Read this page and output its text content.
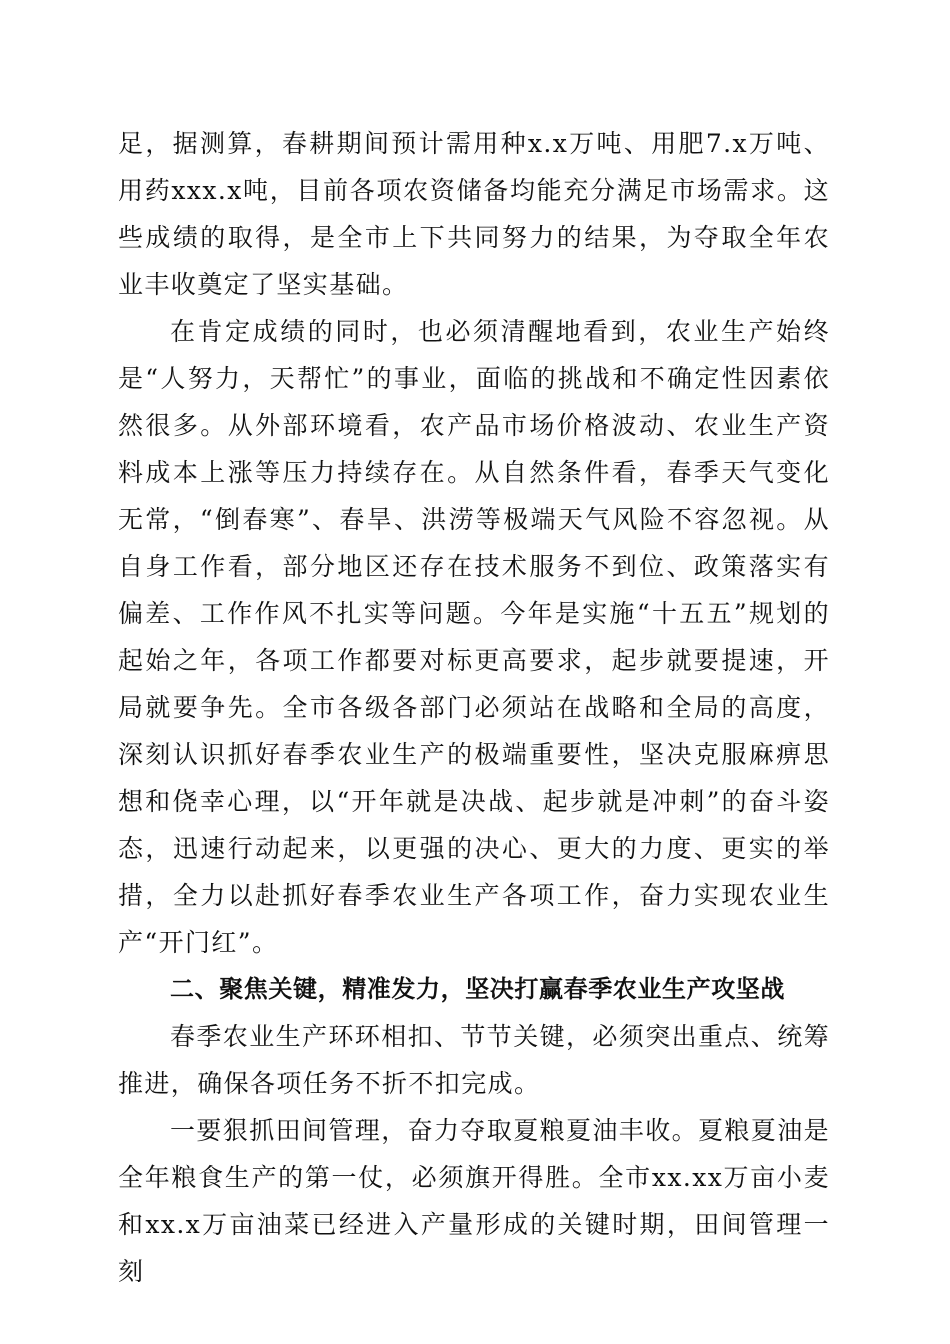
足，据测算，春耕期间预计需用种x.x万吨、用肥7.x万吨、用药xxx.x吨，目前各项农资储备均能充分满足市场需求。这些成绩的取得，是全市上下共同努力的结果，为夺取全年农业丰收奠定了坚实基础。

在肯定成绩的同时，也必须清醒地看到，农业生产始终是“人努力，天帮忙”的事业，面临的挑战和不确定性因素依然很多。从外部环境看，农产品市场价格波动、农业生产资料成本上涨等压力持续存在。从自然条件看，春季天气变化无常，“倒春寒”、春旱、洪涝等极端天气风险不容忽视。从自身工作看，部分地区还存在技术服务不到位、政策落实有偏差、工作作风不扎实等问题。今年是实施“十五五”规划的起始之年，各项工作都要对标更高要求，起步就要提速，开局就要争先。全市各级各部门必须站在战略和全局的高度，深刻认识抓好春季农业生产的极端重要性，坚决克服麻痹思想和侥幸心理，以“开年就是决战、起步就是冲刺”的奋斗姿态，迅速行动起来，以更强的决心、更大的力度、更实的举措，全力以赴抓好春季农业生产各项工作，奋力实现农业生产“开门红”。

二、聚焦关键，精准发力，坚决打赢春季农业生产攻坚战

春季农业生产环环相扣、节节关键，必须突出重点、统筹推进，确保各项任务不折不扣完成。

一要狠抓田间管理，奋力夺取夏粮夏油丰收。夏粮夏油是全年粮食生产的第一仗，必须旗开得胜。全市xx.xx万亩小麦和xx.x万亩油菜已经进入产量形成的关键时期，田间管理一刻
